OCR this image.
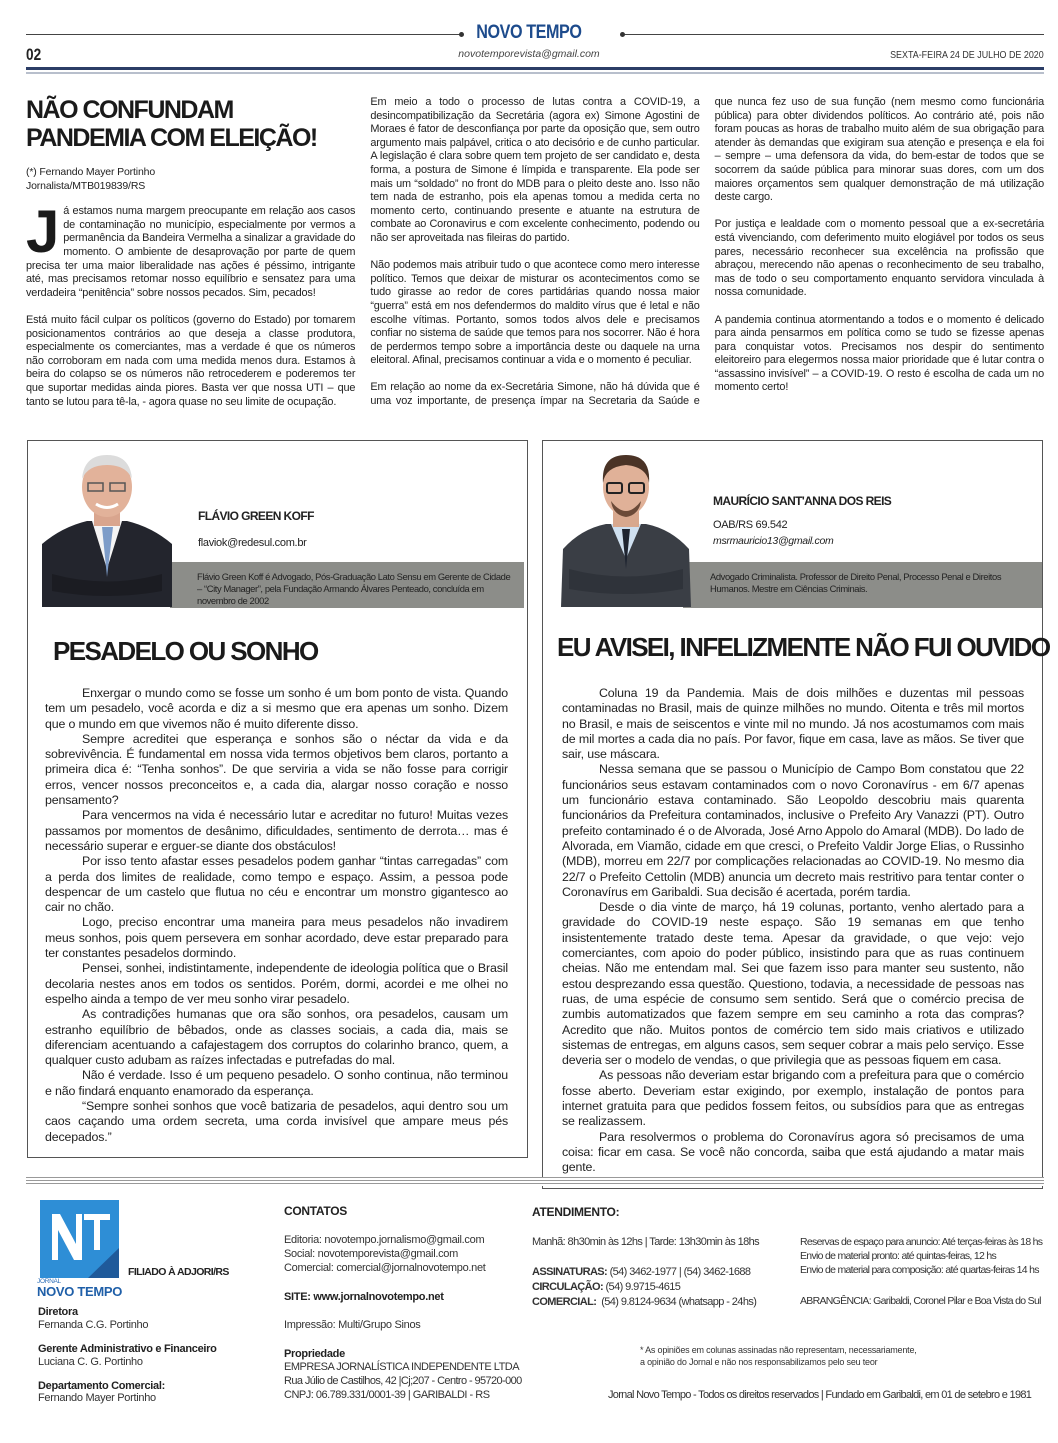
NOVO TEMPO
02	novotemporevista@gmail.com	SEXTA-FEIRA 24 DE JULHO DE 2020
NÃO CONFUNDAM PANDEMIA COM ELEIÇÃO!
(*) Fernando Mayer Portinho
Jornalista/MTB019839/RS

Já estamos numa margem preocupante em relação aos casos de contaminação no município, especialmente por vermos a permanência da Bandeira Vermelha a sinalizar a gravidade do momento. O ambiente de desaprovação por parte de quem precisa ter uma maior liberalidade nas ações é péssimo, intrigante até, mas precisamos retomar nosso equilíbrio e sensatez para uma verdadeira “penitência” sobre nossos pecados. Sim, pecados!

Está muito fácil culpar os políticos (governo do Estado) por tomarem posicionamentos contrários ao que deseja a classe produtora, especialmente os comerciantes, mas a verdade é que os números não corroboram em nada com uma medida menos dura. Estamos à beira do colapso se os números não retrocederem e poderemos ter que suportar medidas ainda piores. Basta ver que nossa UTI – que tanto se lutou para tê-la, - agora quase no seu limite de ocupação.

Em meio a todo o processo de lutas contra a COVID-19, a desincompatibilização da Secretária (agora ex) Simone Agostini de Moraes é fator de desconfiança por parte da oposição que, sem outro argumento mais palpável, critica o ato decisório e de cunho particular. A legislação é clara sobre quem tem projeto de ser candidato e, desta forma, a postura de Simone é límpida e transparente. Ela pode ser mais um “soldado” no front do MDB para o pleito deste ano. Isso não tem nada de estranho, pois ela apenas tomou a medida certa no momento certo, continuando presente e atuante na estrutura de combate ao Coronavirus e com excelente conhecimento, podendo ou não ser aproveitada nas fileiras do partido.

Não podemos mais atribuir tudo o que acontece como mero interesse político. Temos que deixar de misturar os acontecimentos como se tudo girasse ao redor de cores partidárias quando nossa maior “guerra” está em nos defendermos do maldito vírus que é letal e não escolhe vítimas. Portanto, somos todos alvos dele e precisamos confiar no sistema de saúde que temos para nos socorrer. Não é hora de perdermos tempo sobre a importância deste ou daquele na urna eleitoral. Afinal, precisamos continuar a vida e o momento é peculiar.

Em relação ao nome da ex-Secretária Simone, não há dúvida que é uma voz importante, de presença ímpar na Secretaria da Saúde e que nunca fez uso de sua função (nem mesmo como funcionária pública) para obter dividendos políticos. Ao contrário até, pois não foram poucas as horas de trabalho muito além de sua obrigação para atender às demandas que exigiram sua atenção e presença e ela foi – sempre – uma defensora da vida, do bem-estar de todos que se socorrem da saúde pública para minorar suas dores, com um dos maiores orçamentos sem qualquer demonstração de má utilização deste cargo.

Por justiça e lealdade com o momento pessoal que a ex-secretária está vivenciando, com deferimento muito elogiável por todos os seus pares, necessário reconhecer sua excelência na profissão que abraçou, merecendo não apenas o reconhecimento de seu trabalho, mas de todo o seu comportamento enquanto servidora vinculada à nossa comunidade.

A pandemia continua atormentando a todos e o momento é delicado para ainda pensarmos em política como se tudo se fizesse apenas para conquistar votos. Precisamos nos despir do sentimento eleitoreiro para elegermos nossa maior prioridade que é lutar contra o “assassino invisível” – a COVID-19. O resto é escolha de cada um no momento certo!

Flávio Green Koff é Advogado, Pós-Graduação Lato Sensu em Gerente de Cidade – “City Manager”, pela Fundação Armando Álvares Penteado, concluída em novembro de 2002
FLÁVIO GREEN KOFF
flaviok@redesul.com.br
PESADELO OU SONHO

Enxergar o mundo como se fosse um sonho é um bom ponto de vista. Quando tem um pesadelo, você acorda e diz a si mesmo que era apenas um sonho. Dizem que o mundo em que vivemos não é muito diferente disso.

Sempre acreditei que esperança e sonhos são o néctar da vida e da sobrevivência. É fundamental em nossa vida termos objetivos bem claros, portanto a primeira dica é: “Tenha sonhos”. De que serviria a vida se não fosse para corrigir erros, vencer nossos preconceitos e, a cada dia, alargar nosso coração e nosso pensamento?

Para vencermos na vida é necessário lutar e acreditar no futuro! Muitas vezes passamos por momentos de desânimo, dificuldades, sentimento de derrota… mas é necessário superar e erguer-se diante dos obstáculos!

Por isso tento afastar esses pesadelos podem ganhar “tintas carregadas” com a perda dos limites de realidade, como tempo e espaço. Assim, a pessoa pode despencar de um castelo que flutua no céu e encontrar um monstro gigantesco ao cair no chão.

Logo, preciso encontrar uma maneira para meus pesadelos não invadirem meus sonhos, pois quem persevera em sonhar acordado, deve estar preparado para ter constantes pesadelos dormindo.

Pensei, sonhei, indistintamente, independente de ideologia política que o Brasil decolaria nestes anos em todos os sentidos. Porém, dormi, acordei e me olhei no espelho ainda a tempo de ver meu sonho virar pesadelo.

As contradições humanas que ora são sonhos, ora pesadelos, causam um estranho equilíbrio de bêbados, onde as classes sociais, a cada dia, mais se diferenciam acentuando a cafajestagem dos corruptos do colarinho branco, quem, a qualquer custo adubam as raízes infectadas e putrefadas do mal.

Não é verdade. Isso é um pequeno pesadelo. O sonho continua, não terminou e não findará enquanto enamorado da esperança.

“Sempre sonhei sonhos que você batizaria de pesadelos, aqui dentro sou um caos caçando uma ordem secreta, uma corda invisível que ampare meus pés decepados.”

Advogado Criminalista. Professor de Direito Penal, Processo Penal e Direitos Humanos. Mestre em Ciências Criminais.
MAURÍCIO SANT'ANNA DOS REIS
OAB/RS 69.542
msrmauricio13@gmail.com
EU AVISEI, INFELIZMENTE NÃO FUI OUVIDO

Coluna 19 da Pandemia. Mais de dois milhões e duzentas mil pessoas contaminadas no Brasil, mais de quinze milhões no mundo. Oitenta e três mil mortos no Brasil, e mais de seiscentos e vinte mil no mundo. Já nos acostumamos com mais de mil mortes a cada dia no país. Por favor, fique em casa, lave as mãos. Se tiver que sair, use máscara.

Nessa semana que se passou o Município de Campo Bom constatou que 22 funcionários seus estavam contaminados com o novo Coronavírus - em 6/7 apenas um funcionário estava contaminado. São Leopoldo descobriu mais quarenta funcionários da Prefeitura contaminados, inclusive o Prefeito Ary Vanazzi (PT). Outro prefeito contaminado é o de Alvorada, José Arno Appolo do Amaral (MDB). Do lado de Alvorada, em Viamão, cidade em que cresci, o Prefeito Valdir Jorge Elias, o Russinho (MDB), morreu em 22/7 por complicações relacionadas ao COVID-19. No mesmo dia 22/7 o Prefeito Cettolin (MDB) anuncia um decreto mais restritivo para tentar conter o Coronavírus em Garibaldi. Sua decisão é acertada, porém tardia.

Desde o dia vinte de março, há 19 colunas, portanto, venho alertado para a gravidade do COVID-19 neste espaço. São 19 semanas em que tenho insistentemente tratado deste tema. Apesar da gravidade, o que vejo: vejo comerciantes, com apoio do poder público, insistindo para que as ruas continuem cheias. Não me entendam mal. Sei que fazem isso para manter seu sustento, não estou desprezando essa questão. Questiono, todavia, a necessidade de pessoas nas ruas, de uma espécie de consumo sem sentido. Será que o comércio precisa de zumbis automatizados que fazem sempre em seu caminho a rota das compras? Acredito que não. Muitos pontos de comércio tem sido mais criativos e utilizado sistemas de entregas, em alguns casos, sem sequer cobrar a mais pelo serviço. Esse deveria ser o modelo de vendas, o que privilegia que as pessoas fiquem em casa.

As pessoas não deveriam estar brigando com a prefeitura para que o comércio fosse aberto. Deveriam estar exigindo, por exemplo, instalação de pontos para internet gratuita para que pedidos fossem feitos, ou subsídios para que as entregas se realizassem.

Para resolvermos o problema do Coronavírus agora só precisamos de uma coisa: ficar em casa. Se você não concorda, saiba que está ajudando a matar mais gente.

FILIADO À ADJORI/RS
JORNAL
NOVO TEMPO
Diretora
Fernanda C.G. Portinho
Gerente Administrativo e Financeiro
Luciana C. G. Portinho
Departamento Comercial:
Fernando Mayer Portinho
CONTATOS
Editoria: novotempo.jornalismo@gmail.com
Social: novotemporevista@gmail.com
Comercial: comercial@jornalnovotempo.net
SITE: www.jornalnovotempo.net
Impressão: Multi/Grupo Sinos
Propriedade
EMPRESA JORNALÍSTICA INDEPENDENTE LTDA
Rua Júlio de Castilhos, 42 |Cj;207 - Centro - 95720-000
CNPJ: 06.789.331/0001-39 | GARIBALDI - RS
ATENDIMENTO:
Manhã: 8h30min às 12hs | Tarde: 13h30min às 18hs
ASSINATURAS: (54) 3462-1977 | (54) 3462-1688
CIRCULAÇÃO: (54) 9.9715-4615
COMERCIAL: (54) 9.8124-9634 (whatsapp - 24hs)
Reservas de espaço para anuncio: Até terças-feiras às 18 hs
Envio de material pronto: até quintas-feiras, 12 hs
Envio de material para composição: até quartas-feiras 14 hs
ABRANGÊNCIA: Garibaldi, Coronel Pilar e Boa Vista do Sul
* As opiniões em colunas assinadas não representam, necessariamente,
a opinião do Jornal e não nos responsabilizamos pelo seu teor
Jornal Novo Tempo - Todos os direitos reservados | Fundado em Garibaldi, em 01 de setebro e 1981
